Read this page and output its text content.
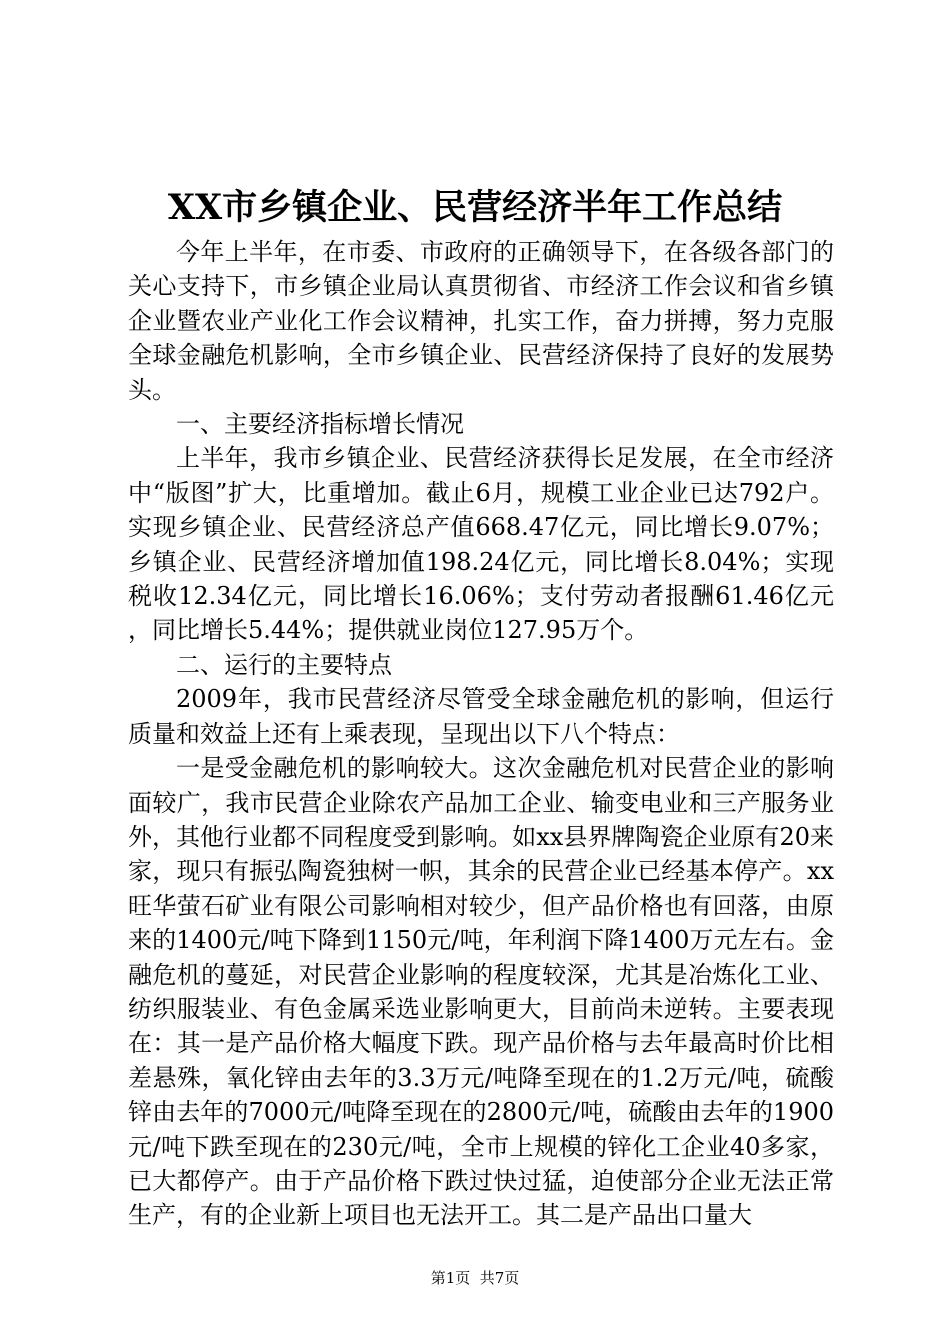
XX市乡镇企业、民营经济半年工作总结

今年上半年，在市委、市政府的正确领导下，在各级各部门的关心支持下，市乡镇企业局认真贯彻省、市经济工作会议和省乡镇企业暨农业产业化工作会议精神，扎实工作，奋力拼搏，努力克服全球金融危机影响，全市乡镇企业、民营经济保持了良好的发展势头。

一、主要经济指标增长情况

上半年，我市乡镇企业、民营经济获得长足发展，在全市经济中“版图”扩大，比重增加。截止6月，规模工业企业已达792户。实现乡镇企业、民营经济总产值668.47亿元，同比增长9.07%；乡镇企业、民营经济增加值198.24亿元，同比增长8.04%；实现税收12.34亿元，同比增长16.06%；支付劳动者报酬61.46亿元，同比增长5.44%；提供就业岗位127.95万个。

二、运行的主要特点

2009年，我市民营经济尽管受全球金融危机的影响，但运行质量和效益上还有上乘表现，呈现出以下八个特点：

一是受金融危机的影响较大。这次金融危机对民营企业的影响面较广，我市民营企业除农产品加工企业、输变电业和三产服务业外，其他行业都不同程度受到影响。如xx县界牌陶瓷企业原有20来家，现只有振弘陶瓷独树一帜，其余的民营企业已经基本停产。xx旺华萤石矿业有限公司影响相对较少，但产品价格也有回落，由原来的1400元/吨下降到1150元/吨，年利润下降1400万元左右。金融危机的蔓延，对民营企业影响的程度较深，尤其是冶炼化工业、纺织服装业、有色金属采选业影响更大，目前尚未逆转。主要表现在：其一是产品价格大幅度下跌。现产品价格与去年最高时价比相差悬殊，氧化锌由去年的3.3万元/吨降至现在的1.2万元/吨，硫酸锌由去年的7000元/吨降至现在的2800元/吨，硫酸由去年的1900元/吨下跌至现在的230元/吨，全市上规模的锌化工企业40多家，已大都停产。由于产品价格下跌过快过猛，迫使部分企业无法正常生产，有的企业新上项目也无法开工。其二是产品出口量大

第1页  共7页
